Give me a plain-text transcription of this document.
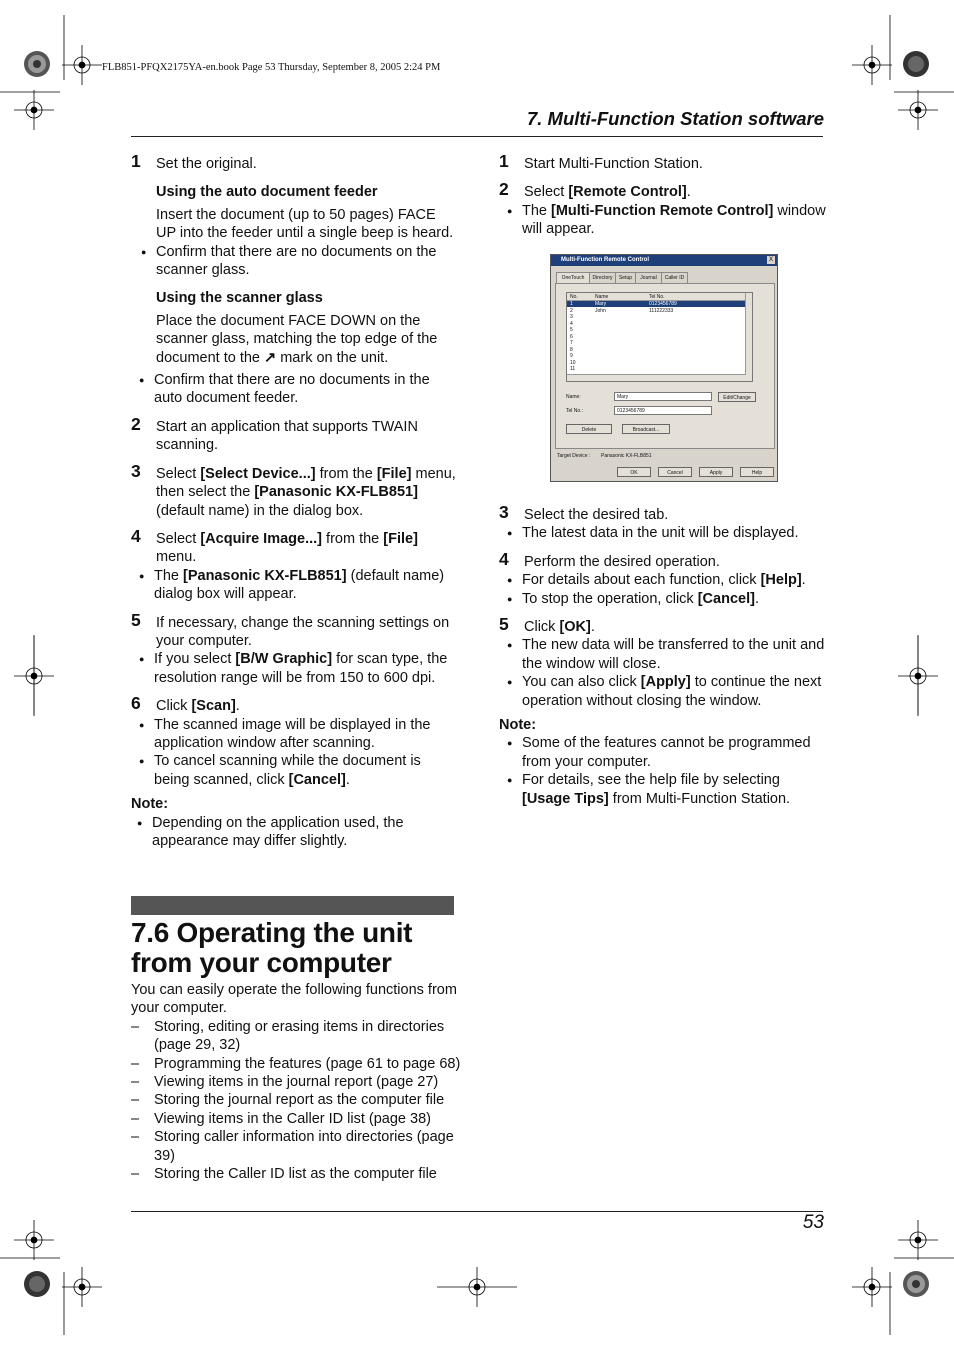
FLB851-PFQX2175YA-en.book Page 53 Thursday, September 8, 2005 2:24 PM
7. Multi-Function Station software

1 Set the original.

Using the auto document feeder

Insert the document (up to 50 pages) FACE UP into the feeder until a single beep is heard.

● Confirm that there are no documents on the scanner glass.

Using the scanner glass

Place the document FACE DOWN on the scanner glass, matching the top edge of the document to the ↗ mark on the unit.

● Confirm that there are no documents in the auto document feeder.

2 Start an application that supports TWAIN scanning.

3 Select [Select Device...] from the [File] menu, then select the [Panasonic KX-FLB851] (default name) in the dialog box.

4 Select [Acquire Image...] from the [File] menu.

● The [Panasonic KX-FLB851] (default name) dialog box will appear.

5 If necessary, change the scanning settings on your computer.

● If you select [B/W Graphic] for scan type, the resolution range will be from 150 to 600 dpi.

6 Click [Scan].

● The scanned image will be displayed in the application window after scanning.

● To cancel scanning while the document is being scanned, click [Cancel].

Note:

● Depending on the application used, the appearance may differ slightly.

7.6 Operating the unit from your computer

You can easily operate the following functions from your computer.

– Storing, editing or erasing items in directories (page 29, 32)

– Programming the features (page 61 to page 68)

– Viewing items in the journal report (page 27)

– Storing the journal report as the computer file

– Viewing items in the Caller ID list (page 38)

– Storing caller information into directories (page 39)

– Storing the Caller ID list as the computer file

1 Start Multi-Function Station.

2 Select [Remote Control].

● The [Multi-Function Remote Control] window will appear.

Multi-Function Remote Control	X
OneTouch	Directory	Setup	Journal	Caller ID
No.	Name	Tel No.
1	Mary	0123456789
2	John	111222333
3
4
5
6
7
8
9
10
11
Name:	Mary	Edit/Change
Tel No.:	0123456789
Delete	Broadcast...
Target Device : Panasonic KX-FLB851
OK	Cancel	Apply	Help

3 Select the desired tab.

● The latest data in the unit will be displayed.

4 Perform the desired operation.

● For details about each function, click [Help].

● To stop the operation, click [Cancel].

5 Click [OK].

● The new data will be transferred to the unit and the window will close.

● You can also click [Apply] to continue the next operation without closing the window.

Note:

● Some of the features cannot be programmed from your computer.

● For details, see the help file by selecting [Usage Tips] from Multi-Function Station.

53
